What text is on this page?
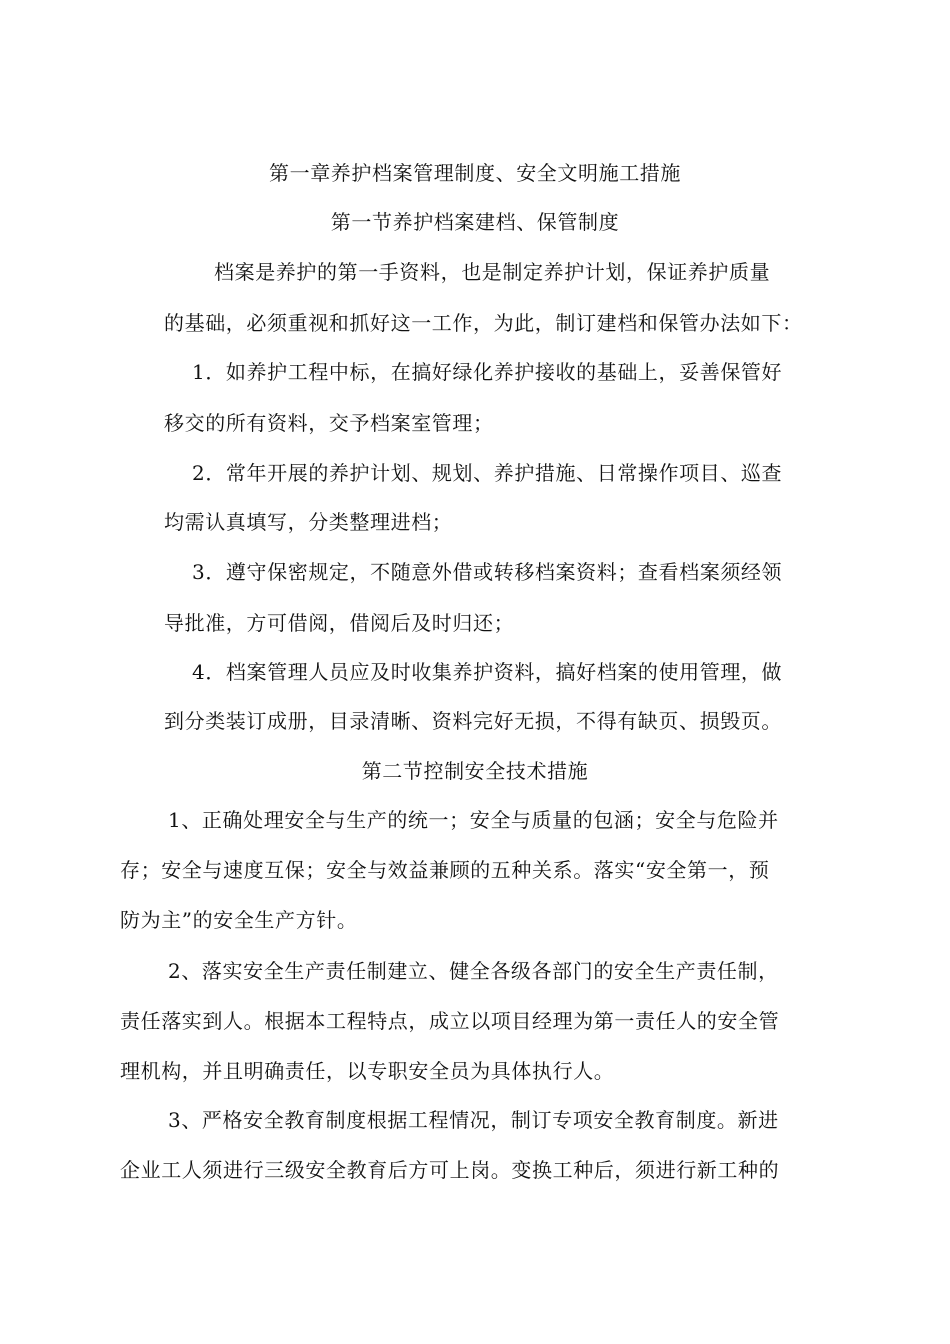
第一章养护档案管理制度、安全文明施工措施
第一节养护档案建档、保管制度
档案是养护的第一手资料，也是制定养护计划，保证养护质量
的基础，必须重视和抓好这一工作，为此，制订建档和保管办法如下：
1．如养护工程中标，在搞好绿化养护接收的基础上，妥善保管好
移交的所有资料，交予档案室管理；
2．常年开展的养护计划、规划、养护措施、日常操作项目、巡查
均需认真填写，分类整理进档；
3．遵守保密规定，不随意外借或转移档案资料；查看档案须经领
导批准，方可借阅，借阅后及时归还；
4．档案管理人员应及时收集养护资料，搞好档案的使用管理，做
到分类装订成册，目录清晰、资料完好无损，不得有缺页、损毁页。
第二节控制安全技术措施
1、正确处理安全与生产的统一；安全与质量的包涵；安全与危险并
存；安全与速度互保；安全与效益兼顾的五种关系。落实“安全第一，预
防为主”的安全生产方针。
2、落实安全生产责任制建立、健全各级各部门的安全生产责任制，
责任落实到人。根据本工程特点，成立以项目经理为第一责任人的安全管
理机构，并且明确责任，以专职安全员为具体执行人。
3、严格安全教育制度根据工程情况，制订专项安全教育制度。新进
企业工人须进行三级安全教育后方可上岗。变换工种后，须进行新工种的
